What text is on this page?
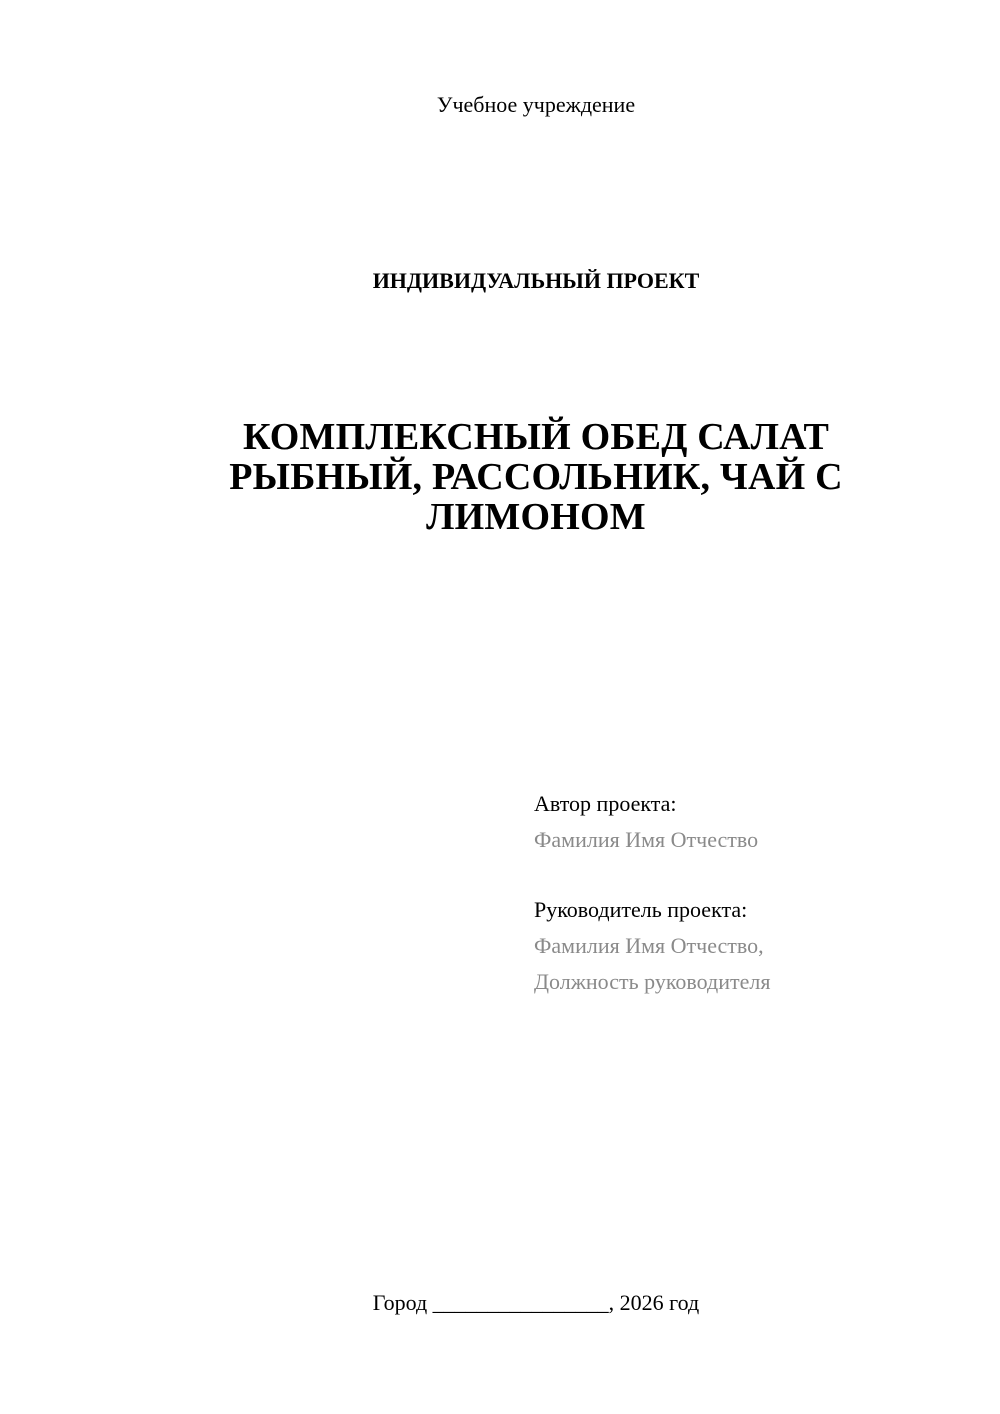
Учебное учреждение
ИНДИВИДУАЛЬНЫЙ ПРОЕКТ
КОМПЛЕКСНЫЙ ОБЕД САЛАТ
РЫБНЫЙ, РАССОЛЬНИК, ЧАЙ С
ЛИМОНОМ
Автор проекта:
Фамилия Имя Отчество
Руководитель проекта:
Фамилия Имя Отчество,
Должность руководителя
Город ________________, 2026 год
